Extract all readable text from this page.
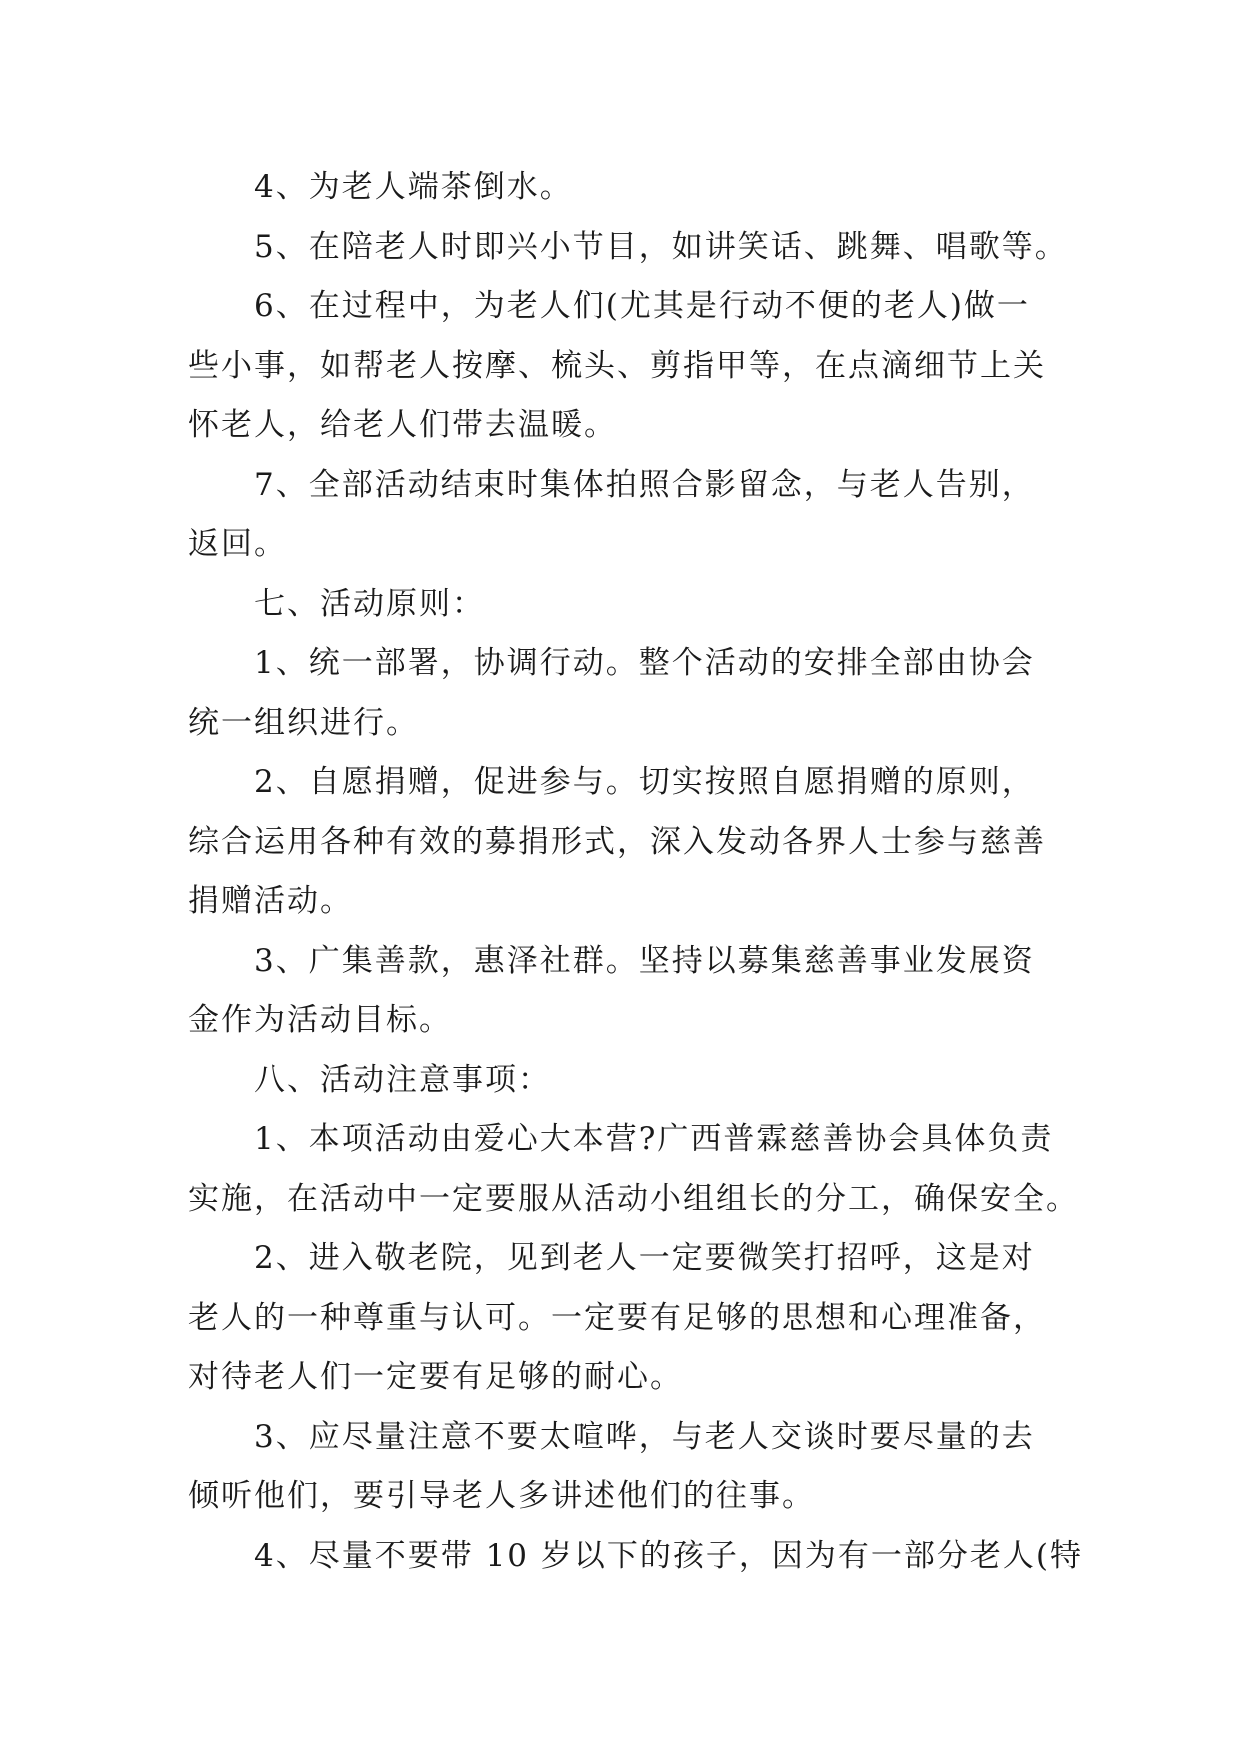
4、为老人端茶倒水。
5、在陪老人时即兴小节目，如讲笑话、跳舞、唱歌等。
6、在过程中，为老人们(尤其是行动不便的老人)做一
些小事，如帮老人按摩、梳头、剪指甲等，在点滴细节上关
怀老人，给老人们带去温暖。
7、全部活动结束时集体拍照合影留念，与老人告别，
返回。
七、活动原则：
1、统一部署，协调行动。整个活动的安排全部由协会
统一组织进行。
2、自愿捐赠，促进参与。切实按照自愿捐赠的原则，
综合运用各种有效的募捐形式，深入发动各界人士参与慈善
捐赠活动。
3、广集善款，惠泽社群。坚持以募集慈善事业发展资
金作为活动目标。
八、活动注意事项：
1、本项活动由爱心大本营?广西普霖慈善协会具体负责
实施，在活动中一定要服从活动小组组长的分工，确保安全。
2、进入敬老院，见到老人一定要微笑打招呼，这是对
老人的一种尊重与认可。一定要有足够的思想和心理准备，
对待老人们一定要有足够的耐心。
3、应尽量注意不要太喧哗，与老人交谈时要尽量的去
倾听他们，要引导老人多讲述他们的往事。
4、尽量不要带 10 岁以下的孩子，因为有一部分老人(特
